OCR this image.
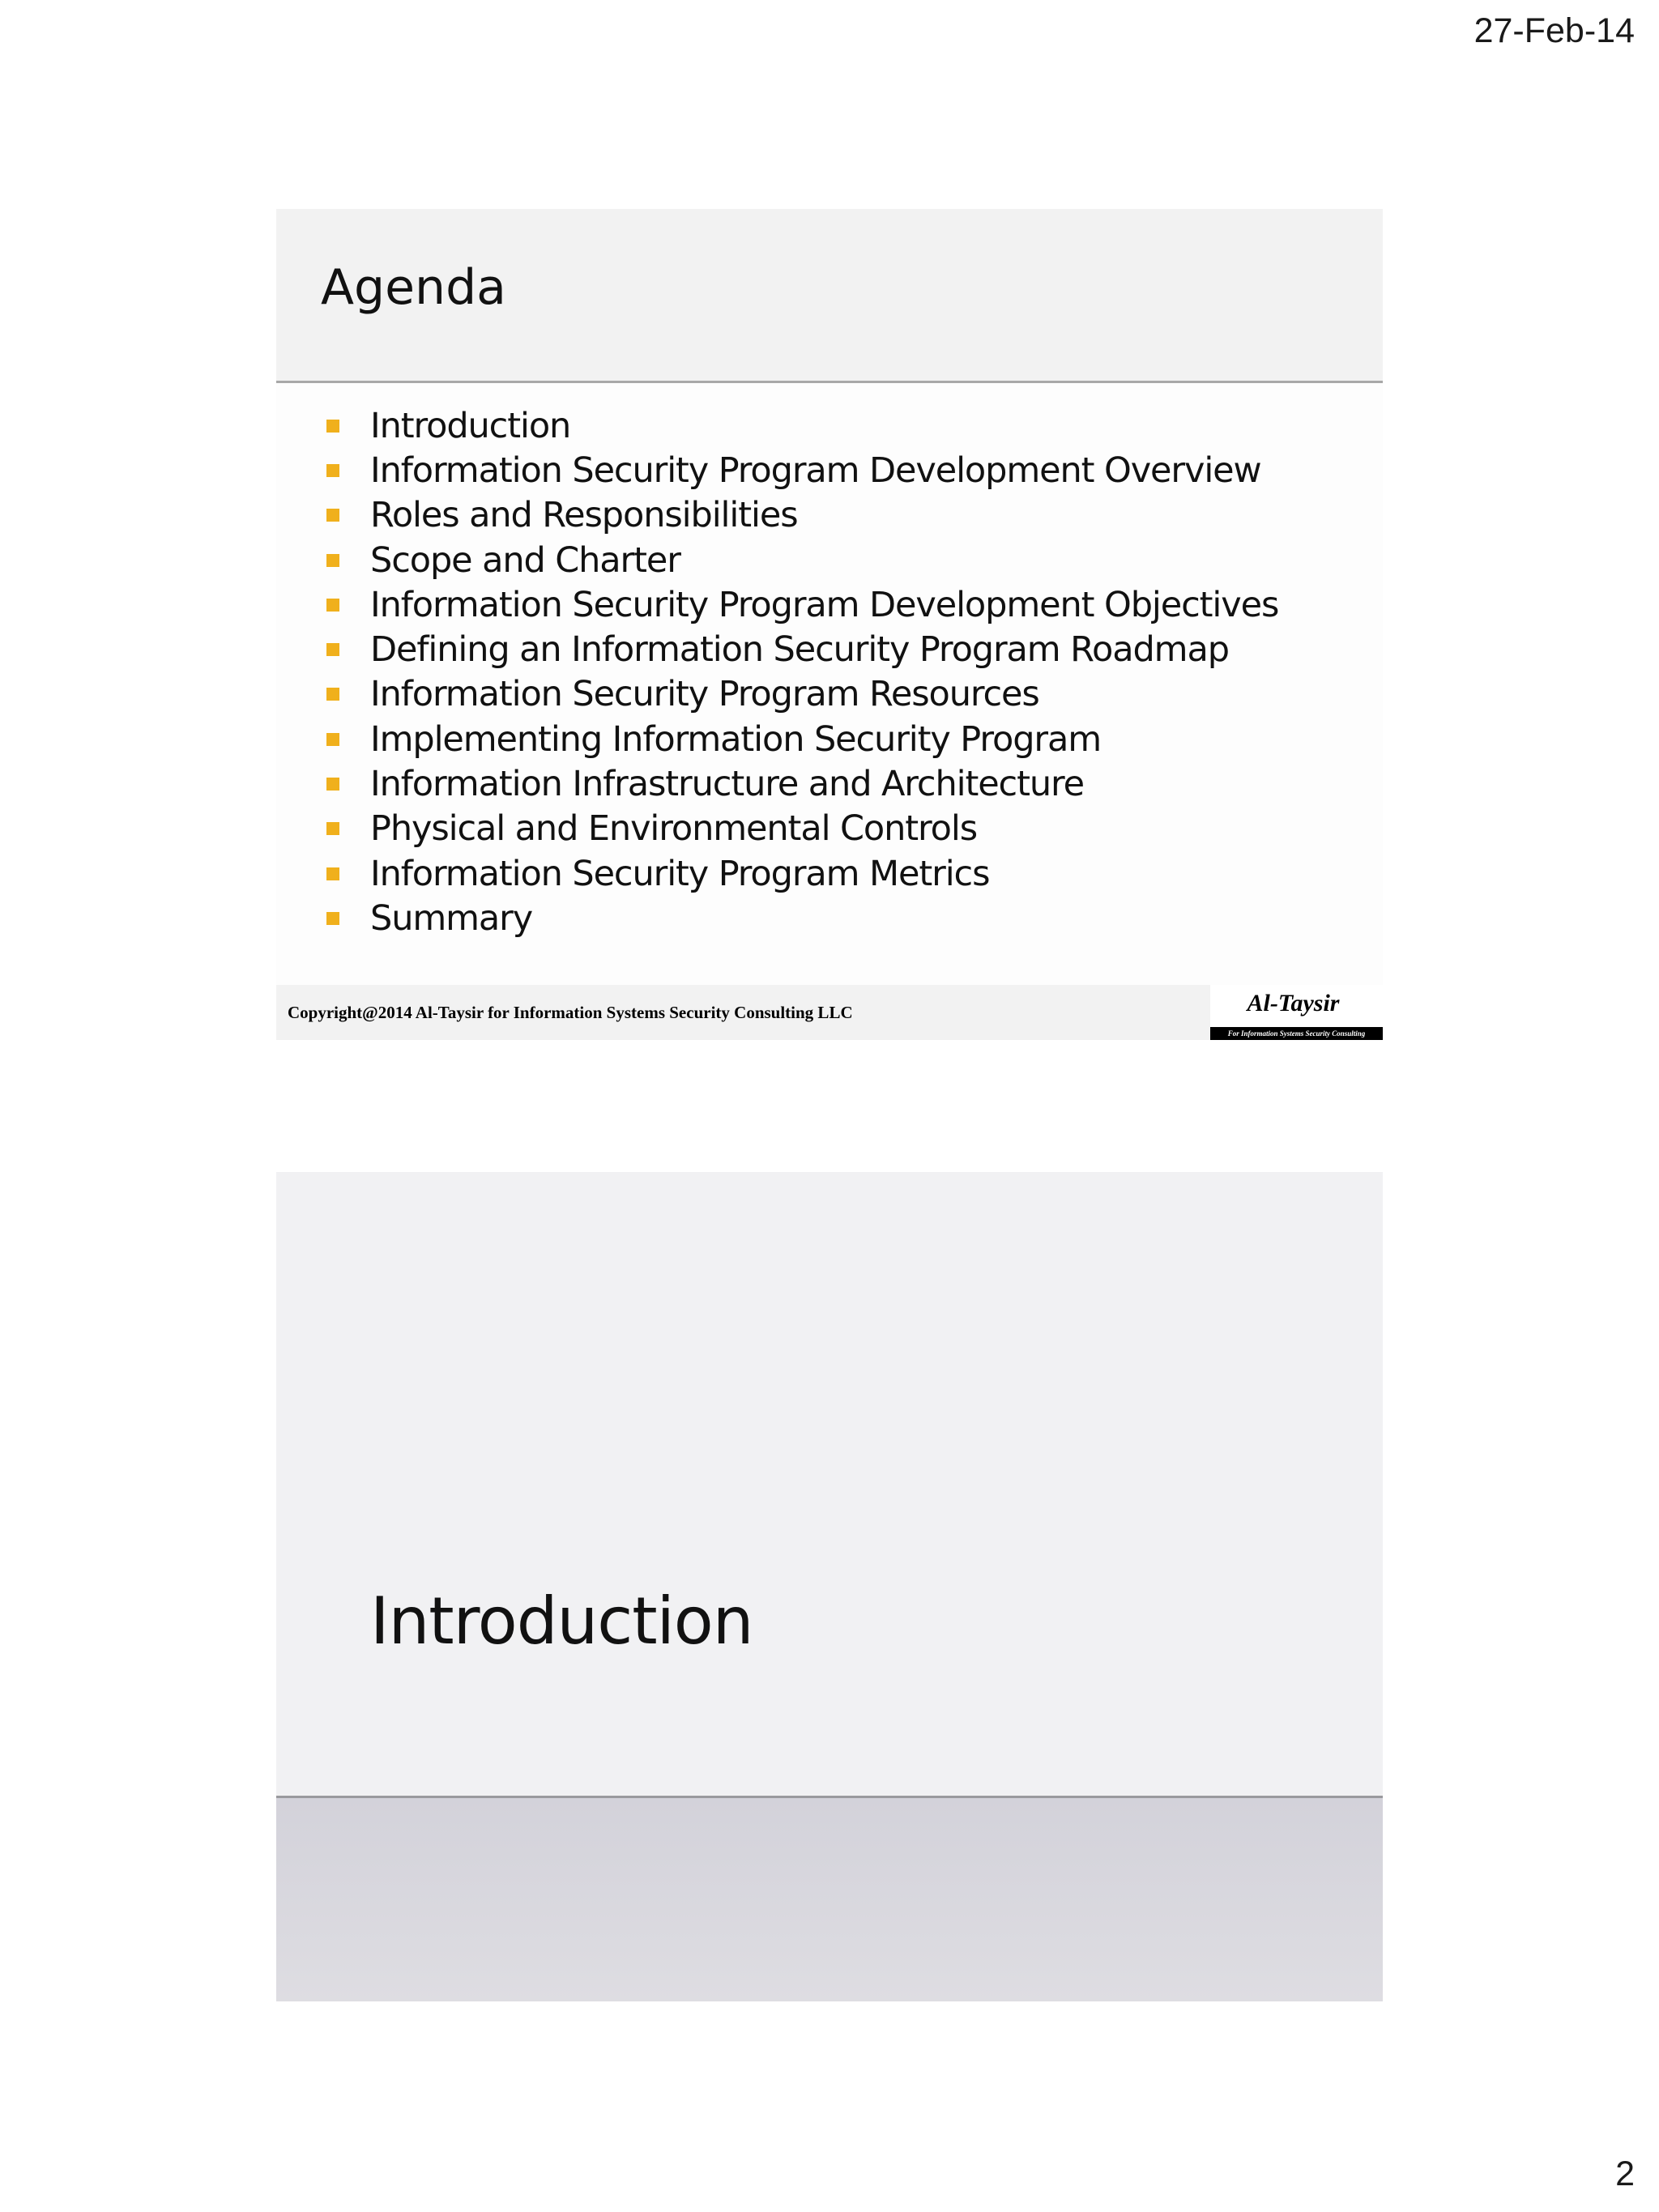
27-Feb-14
Agenda
Introduction
Information Security Program Development Overview
Roles and Responsibilities
Scope and Charter
Information Security Program Development Objectives
Defining an Information Security Program Roadmap
Information Security Program Resources
Implementing Information Security Program
Information Infrastructure and Architecture
Physical and Environmental Controls
Information Security Program Metrics
Summary
Copyright@2014 Al-Taysir for Information Systems Security Consulting LLC	Al-Taysir
For Information Systems Security Consulting
Introduction
2
